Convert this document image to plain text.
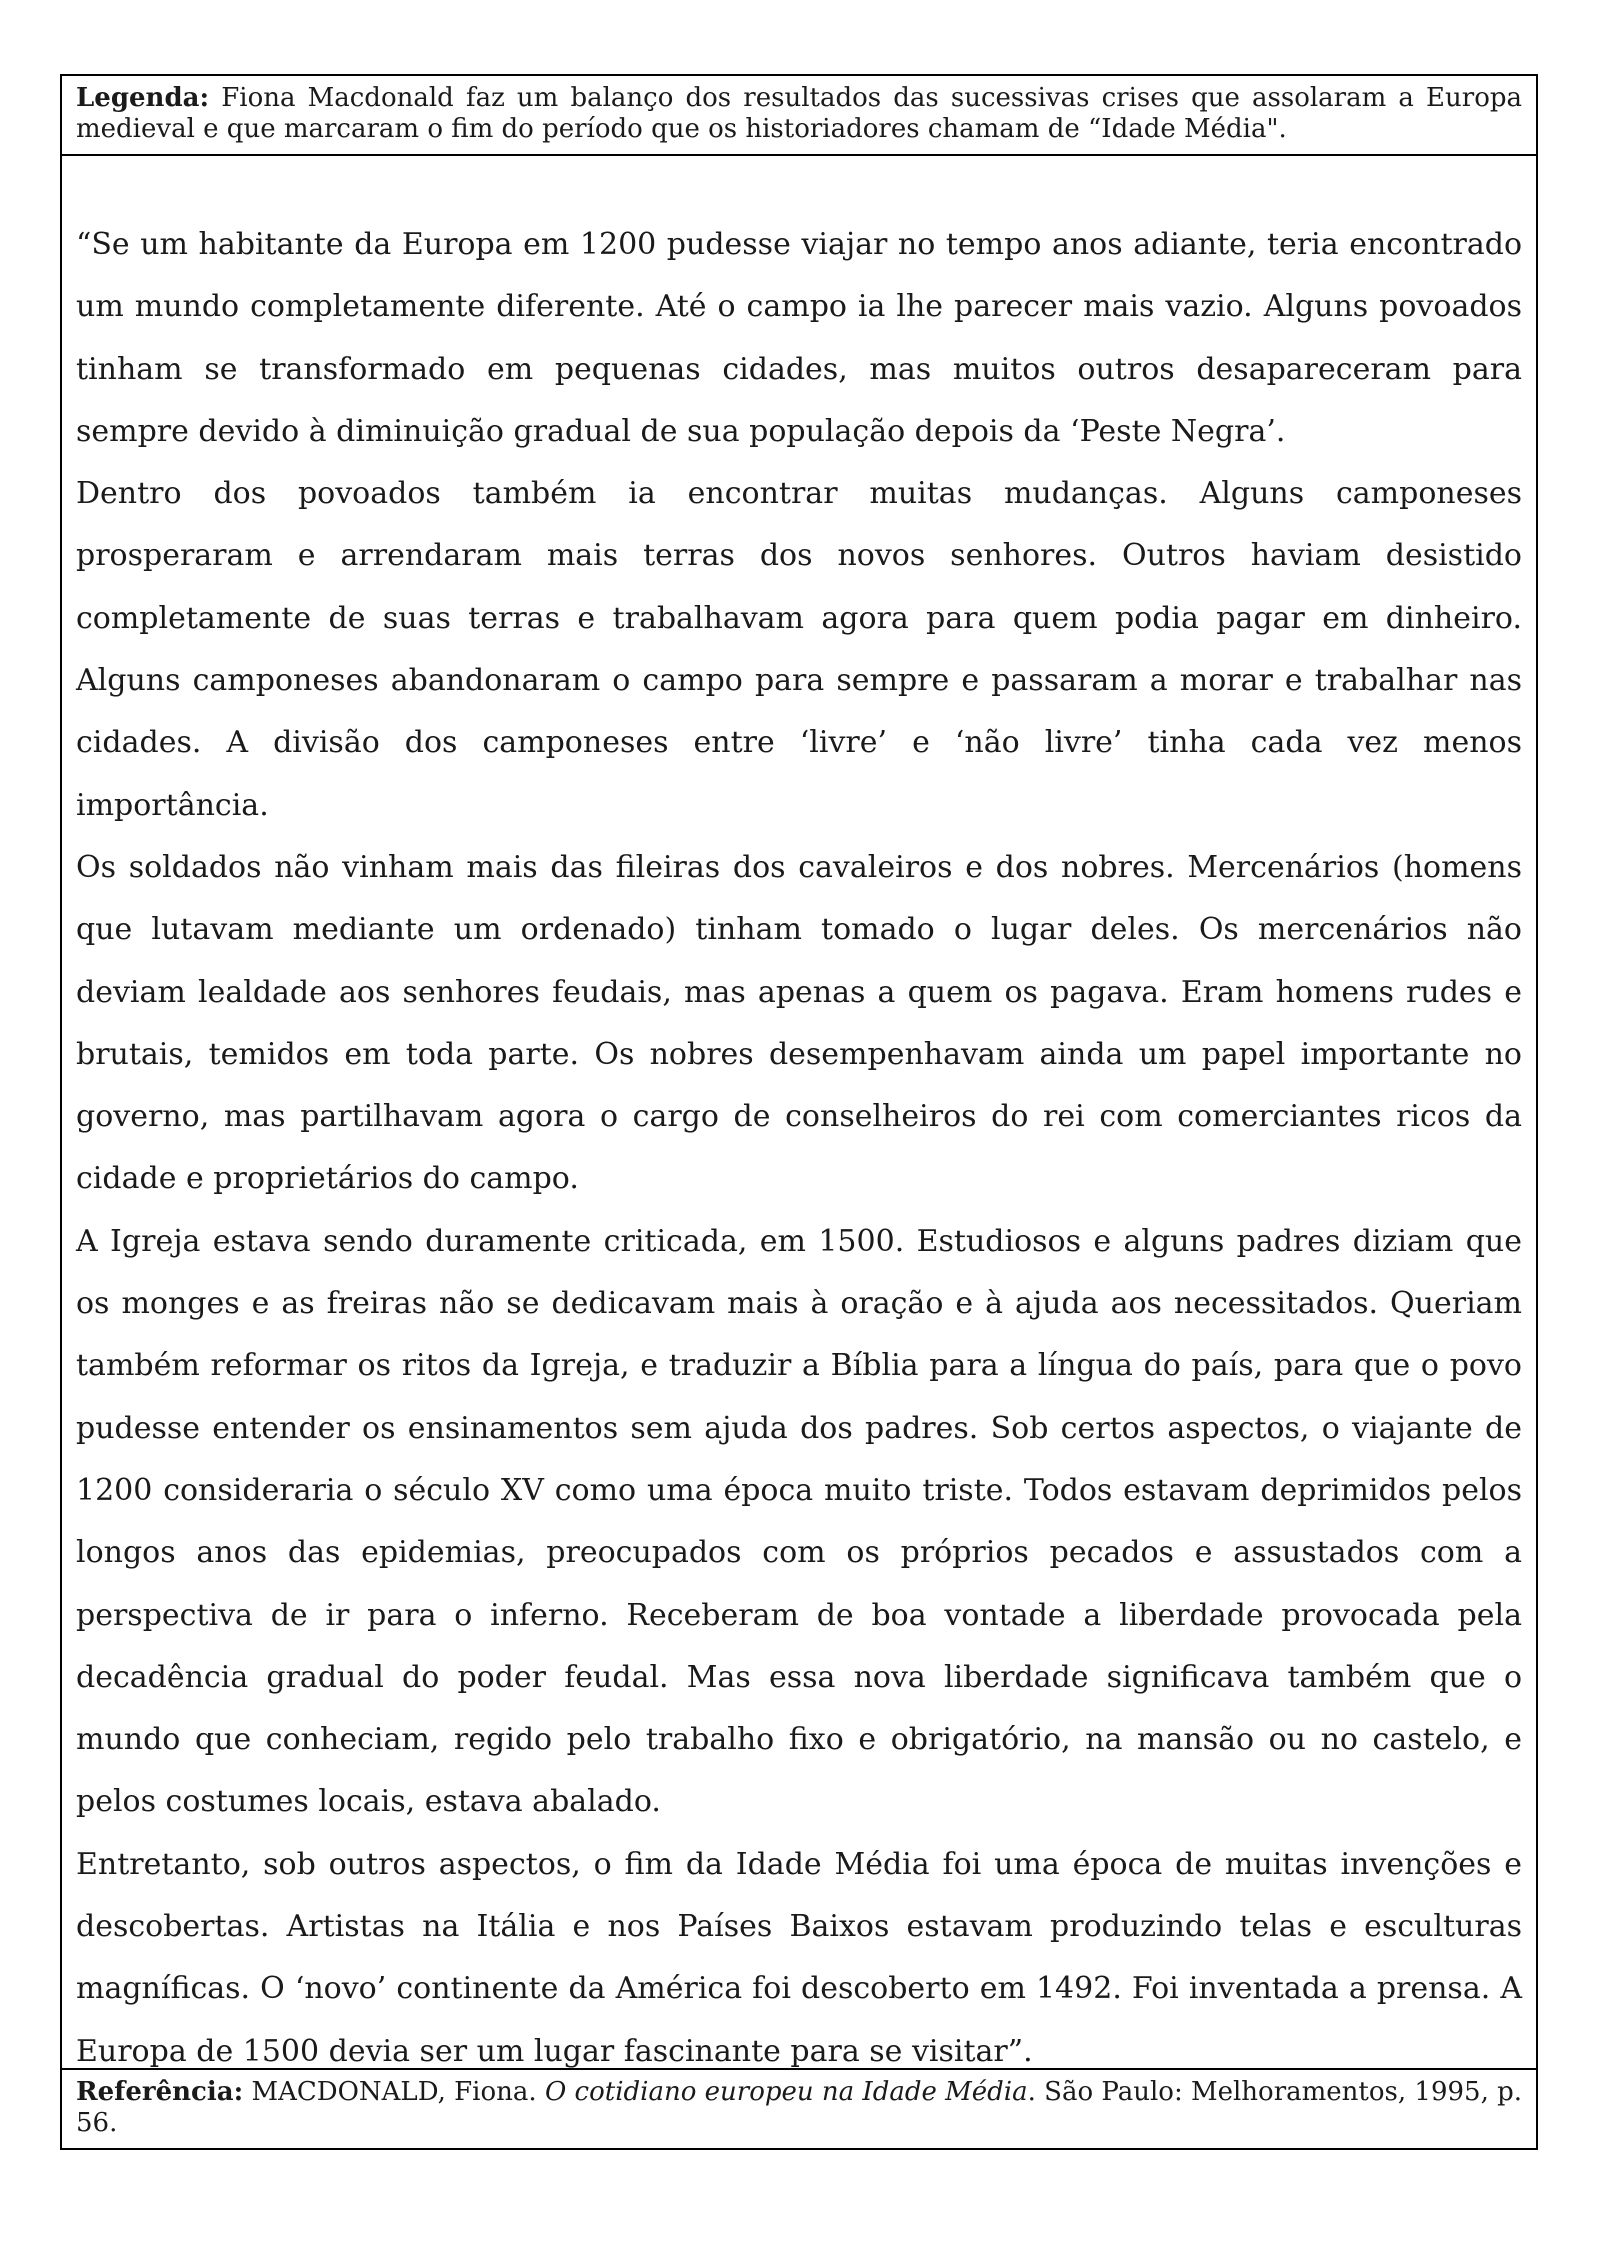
Legenda: Fiona Macdonald faz um balanço dos resultados das sucessivas crises que assolaram a Europa medieval e que marcaram o fim do período que os historiadores chamam de “Idade Média".

“Se um habitante da Europa em 1200 pudesse viajar no tempo anos adiante, teria encontrado um mundo completamente diferente. Até o campo ia lhe parecer mais vazio. Alguns povoados tinham se transformado em pequenas cidades, mas muitos outros desapareceram para sempre devido à diminuição gradual de sua população depois da ‘Peste Negra’.

Dentro dos povoados também ia encontrar muitas mudanças. Alguns camponeses prosperaram e arrendaram mais terras dos novos senhores. Outros haviam desistido completamente de suas terras e trabalhavam agora para quem podia pagar em dinheiro. Alguns camponeses abandonaram o campo para sempre e passaram a morar e trabalhar nas cidades. A divisão dos camponeses entre ‘livre’ e ‘não livre’ tinha cada vez menos importância.

Os soldados não vinham mais das fileiras dos cavaleiros e dos nobres. Mercenários (homens que lutavam mediante um ordenado) tinham tomado o lugar deles. Os mercenários não deviam lealdade aos senhores feudais, mas apenas a quem os pagava. Eram homens rudes e brutais, temidos em toda parte. Os nobres desempenhavam ainda um papel importante no governo, mas partilhavam agora o cargo de conselheiros do rei com comerciantes ricos da cidade e proprietários do campo.

A Igreja estava sendo duramente criticada, em 1500. Estudiosos e alguns padres diziam que os monges e as freiras não se dedicavam mais à oração e à ajuda aos necessitados. Queriam também reformar os ritos da Igreja, e traduzir a Bíblia para a língua do país, para que o povo pudesse entender os ensinamentos sem ajuda dos padres. Sob certos aspectos, o viajante de 1200 consideraria o século XV como uma época muito triste. Todos estavam deprimidos pelos longos anos das epidemias, preocupados com os próprios pecados e assustados com a perspectiva de ir para o inferno. Receberam de boa vontade a liberdade provocada pela decadência gradual do poder feudal. Mas essa nova liberdade significava também que o mundo que conheciam, regido pelo trabalho fixo e obrigatório, na mansão ou no castelo, e pelos costumes locais, estava abalado.

Entretanto, sob outros aspectos, o fim da Idade Média foi uma época de muitas invenções e descobertas. Artistas na Itália e nos Países Baixos estavam produzindo telas e esculturas magníficas. O ‘novo’ continente da América foi descoberto em 1492. Foi inventada a prensa. A Europa de 1500 devia ser um lugar fascinante para se visitar”.

Referência: MACDONALD, Fiona. O cotidiano europeu na Idade Média. São Paulo: Melhoramentos, 1995, p. 56.
